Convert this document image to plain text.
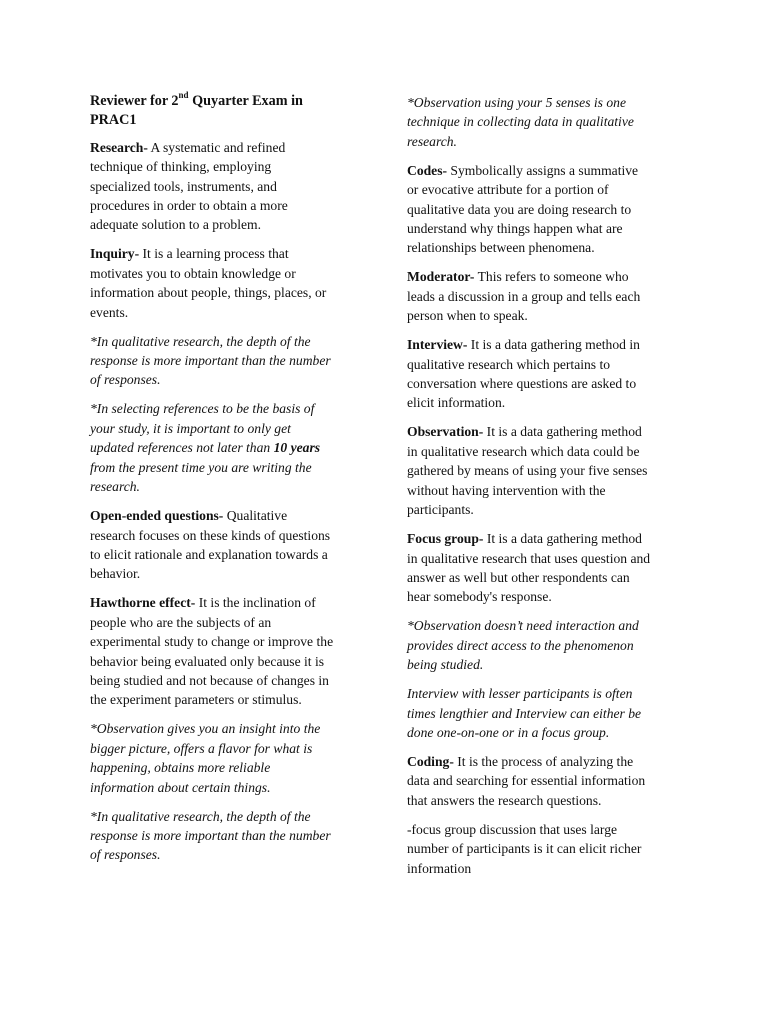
Reviewer for 2nd Quyarter Exam in
PRAC1

Research- A systematic and refined
technique of thinking, employing
specialized tools, instruments, and
procedures in order to obtain a more
adequate solution to a problem.

Inquiry- It is a learning process that
motivates you to obtain knowledge or
information about people, things, places, or
events.

*In qualitative research, the depth of the
response is more important than the number
of responses.

*In selecting references to be the basis of
your study, it is important to only get
updated references not later than 10 years
from the present time you are writing the
research.

Open-ended questions- Qualitative
research focuses on these kinds of questions
to elicit rationale and explanation towards a
behavior.

Hawthorne effect- It is the inclination of
people who are the subjects of an
experimental study to change or improve the
behavior being evaluated only because it is
being studied and not because of changes in
the experiment parameters or stimulus.

*Observation gives you an insight into the
bigger picture, offers a flavor for what is
happening, obtains more reliable
information about certain things.

*In qualitative research, the depth of the
response is more important than the number
of responses.

*Observation using your 5 senses is one
technique in collecting data in qualitative
research.

Codes- Symbolically assigns a summative
or evocative attribute for a portion of
qualitative data you are doing research to
understand why things happen what are
relationships between phenomena.

Moderator- This refers to someone who
leads a discussion in a group and tells each
person when to speak.

Interview- It is a data gathering method in
qualitative research which pertains to
conversation where questions are asked to
elicit information.

Observation- It is a data gathering method
in qualitative research which data could be
gathered by means of using your five senses
without having intervention with the
participants.

Focus group- It is a data gathering method
in qualitative research that uses question and
answer as well but other respondents can
hear somebody's response.

*Observation doesn’t need interaction and
provides direct access to the phenomenon
being studied.

Interview with lesser participants is often
times lengthier and Interview can either be
done one-on-one or in a focus group.

Coding- It is the process of analyzing the
data and searching for essential information
that answers the research questions.

-focus group discussion that uses large
number of participants is it can elicit richer
information
